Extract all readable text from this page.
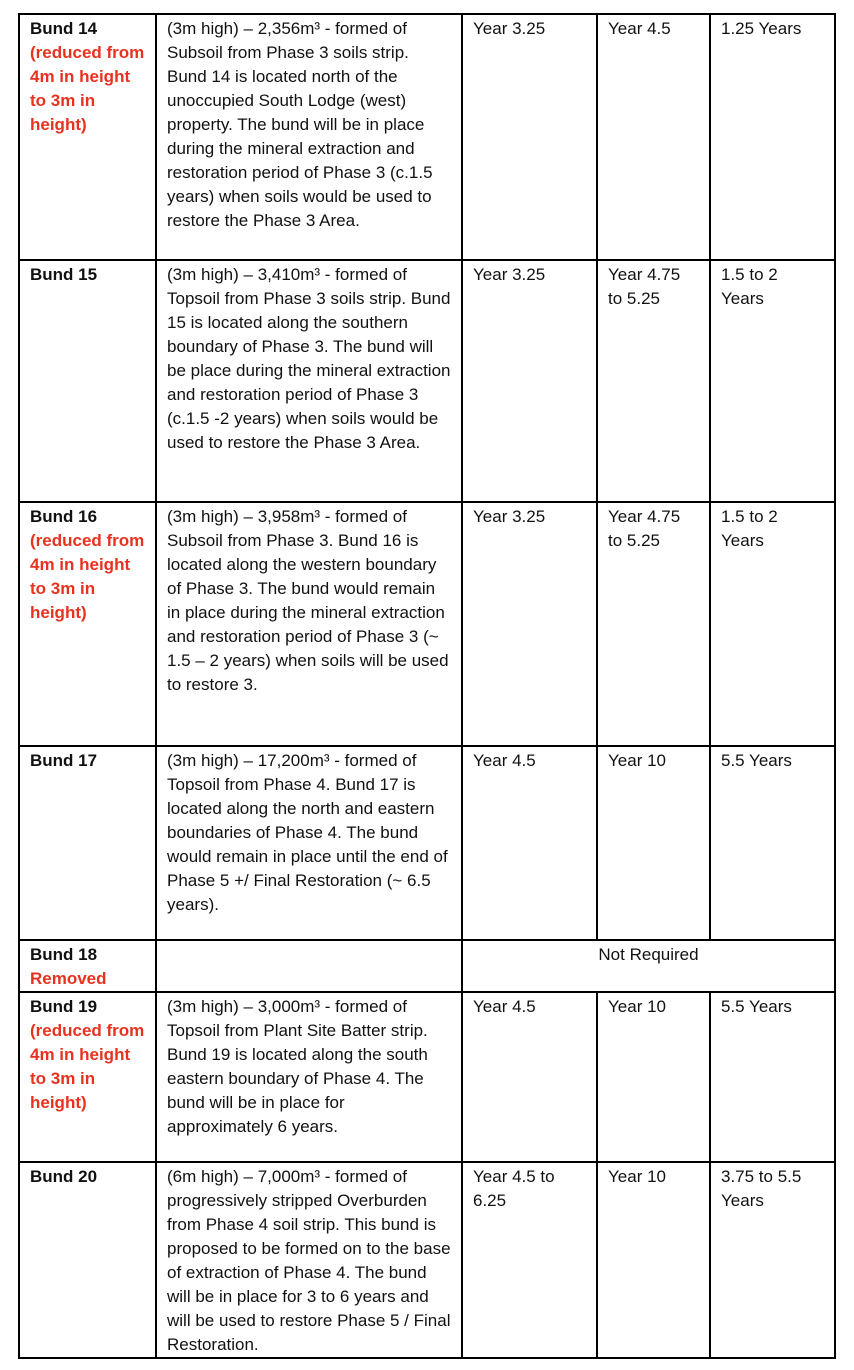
Bund 14
(reduced from 4m in height to 3m in height)	(3m high) – 2,356m³ - formed of Subsoil from Phase 3 soils strip. Bund 14 is located north of the unoccupied South Lodge (west) property. The bund will be in place during the mineral extraction and restoration period of Phase 3 (c.1.5 years) when soils would be used to restore the Phase 3 Area.	Year 3.25	Year 4.5	1.25 Years

Bund 15	(3m high) – 3,410m³ - formed of Topsoil from Phase 3 soils strip. Bund 15 is located along the southern boundary of Phase 3. The bund will be place during the mineral extraction and restoration period of Phase 3 (c.1.5 -2 years) when soils would be used to restore the Phase 3 Area.	Year 3.25	Year 4.75 to 5.25	1.5 to 2 Years

Bund 16
(reduced from 4m in height to 3m in height)	(3m high) – 3,958m³ - formed of Subsoil from Phase 3. Bund 16 is located along the western boundary of Phase 3. The bund would remain in place during the mineral extraction and restoration period of Phase 3 (~ 1.5 – 2 years) when soils will be used to restore 3.	Year 3.25	Year 4.75 to 5.25	1.5 to 2 Years

Bund 17	(3m high) – 17,200m³ - formed of Topsoil from Phase 4. Bund 17 is located along the north and eastern boundaries of Phase 4. The bund would remain in place until the end of Phase 5 +/ Final Restoration (~ 6.5 years).	Year 4.5	Year 10	5.5 Years

Bund 18
Removed		Not Required		

Bund 19
(reduced from 4m in height to 3m in height)	(3m high) – 3,000m³ - formed of Topsoil from Plant Site Batter strip. Bund 19 is located along the south eastern boundary of Phase 4. The bund will be in place for approximately 6 years.	Year 4.5	Year 10	5.5 Years

Bund 20	(6m high) – 7,000m³ - formed of progressively stripped Overburden from Phase 4 soil strip. This bund is proposed to be formed on to the base of extraction of Phase 4. The bund will be in place for 3 to 6 years and will be used to restore Phase 5 / Final Restoration.	Year 4.5 to 6.25	Year 10	3.75 to 5.5 Years
